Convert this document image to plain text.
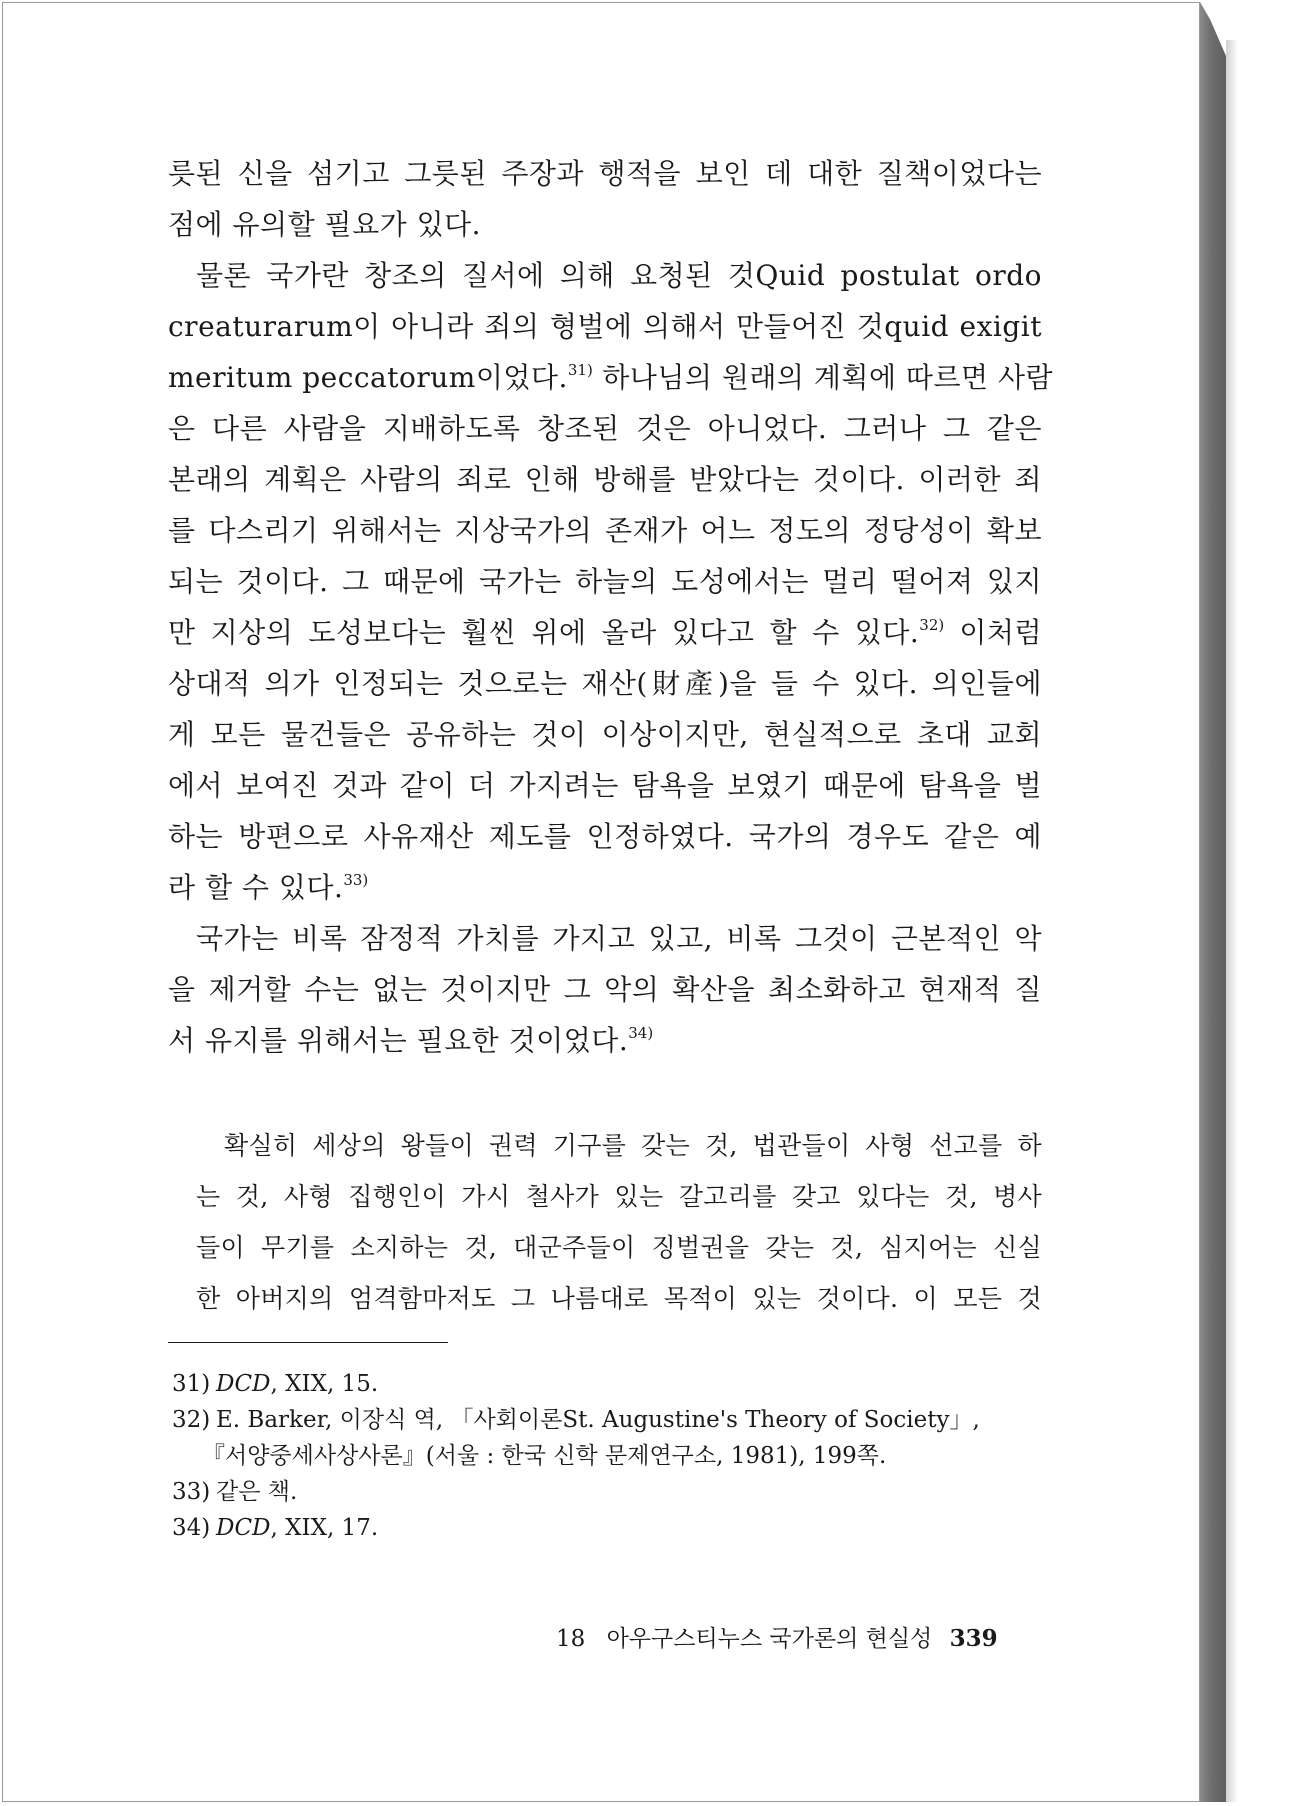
릇된 신을 섬기고 그릇된 주장과 행적을 보인 데 대한 질책이었다는
점에 유의할 필요가 있다.
물론 국가란 창조의 질서에 의해 요청된 것Quid postulat ordo
creaturarum이 아니라 죄의 형벌에 의해서 만들어진 것quid exigit
meritum peccatorum이었다.$^{31)}$ 하나님의 원래의 계획에 따르면 사람
은 다른 사람을 지배하도록 창조된 것은 아니었다. 그러나 그 같은
본래의 계획은 사람의 죄로 인해 방해를 받았다는 것이다. 이러한 죄
를 다스리기 위해서는 지상국가의 존재가 어느 정도의 정당성이 확보
되는 것이다. 그 때문에 국가는 하늘의 도성에서는 멀리 떨어져 있지
만 지상의 도성보다는 훨씬 위에 올라 있다고 할 수 있다.$^{32)}$ 이처럼
상대적 의가 인정되는 것으로는 재산(財產)을 들 수 있다. 의인들에
게 모든 물건들은 공유하는 것이 이상이지만, 현실적으로 초대 교회
에서 보여진 것과 같이 더 가지려는 탐욕을 보였기 때문에 탐욕을 벌
하는 방편으로 사유재산 제도를 인정하였다. 국가의 경우도 같은 예
라 할 수 있다.$^{33)}$
국가는 비록 잠정적 가치를 가지고 있고, 비록 그것이 근본적인 악
을 제거할 수는 없는 것이지만 그 악의 확산을 최소화하고 현재적 질
서 유지를 위해서는 필요한 것이었다.$^{34)}$
확실히 세상의 왕들이 권력 기구를 갖는 것, 법관들이 사형 선고를 하
는 것, 사형 집행인이 가시 철사가 있는 갈고리를 갖고 있다는 것, 병사
들이 무기를 소지하는 것, 대군주들이 징벌권을 갖는 것, 심지어는 신실
한 아버지의 엄격함마저도 그 나름대로 목적이 있는 것이다. 이 모든 것
31) DCD, XIX, 15.
32) E. Barker, 이장식 역, 「사회이론St. Augustine's Theory of Society」,
『서양중세사상사론』(서울 : 한국 신학 문제연구소, 1981), 199쪽.
33) 같은 책.
34) DCD, XIX, 17.
18 아우구스티누스 국가론의 현실성 339
